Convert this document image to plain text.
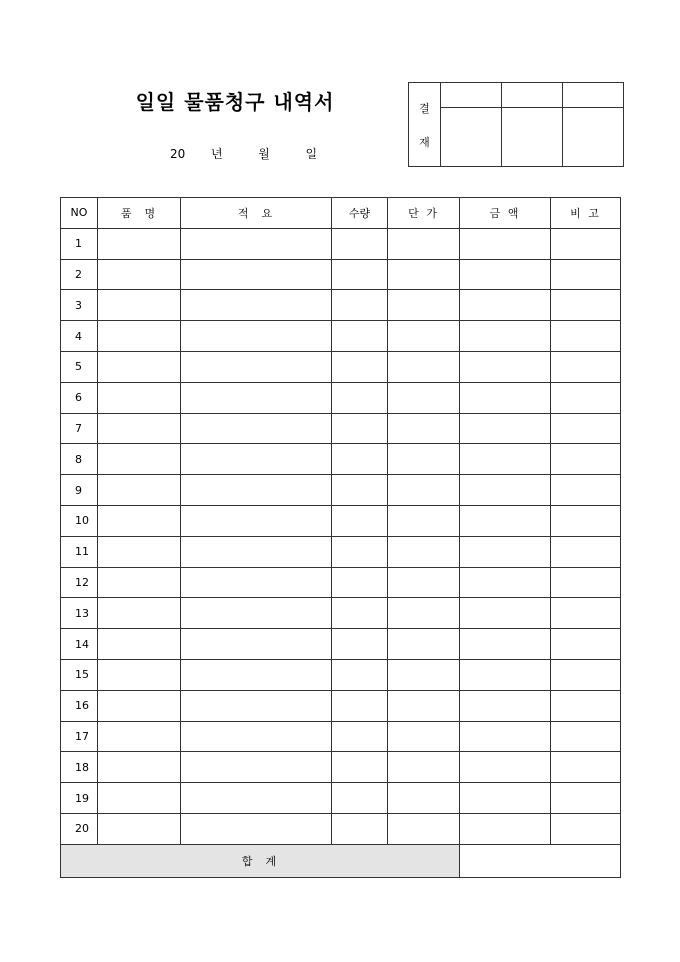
일일 물품청구 내역서
20 년	월	일
결
재			

NO	품  명	적  요	수량	단 가	금 액	비 고
1						
2						
3						
4						
5						
6						
7						
8						
9						
10						
11						
12						
13						
14						
15						
16						
17						
18						
19						
20						
합  계						
